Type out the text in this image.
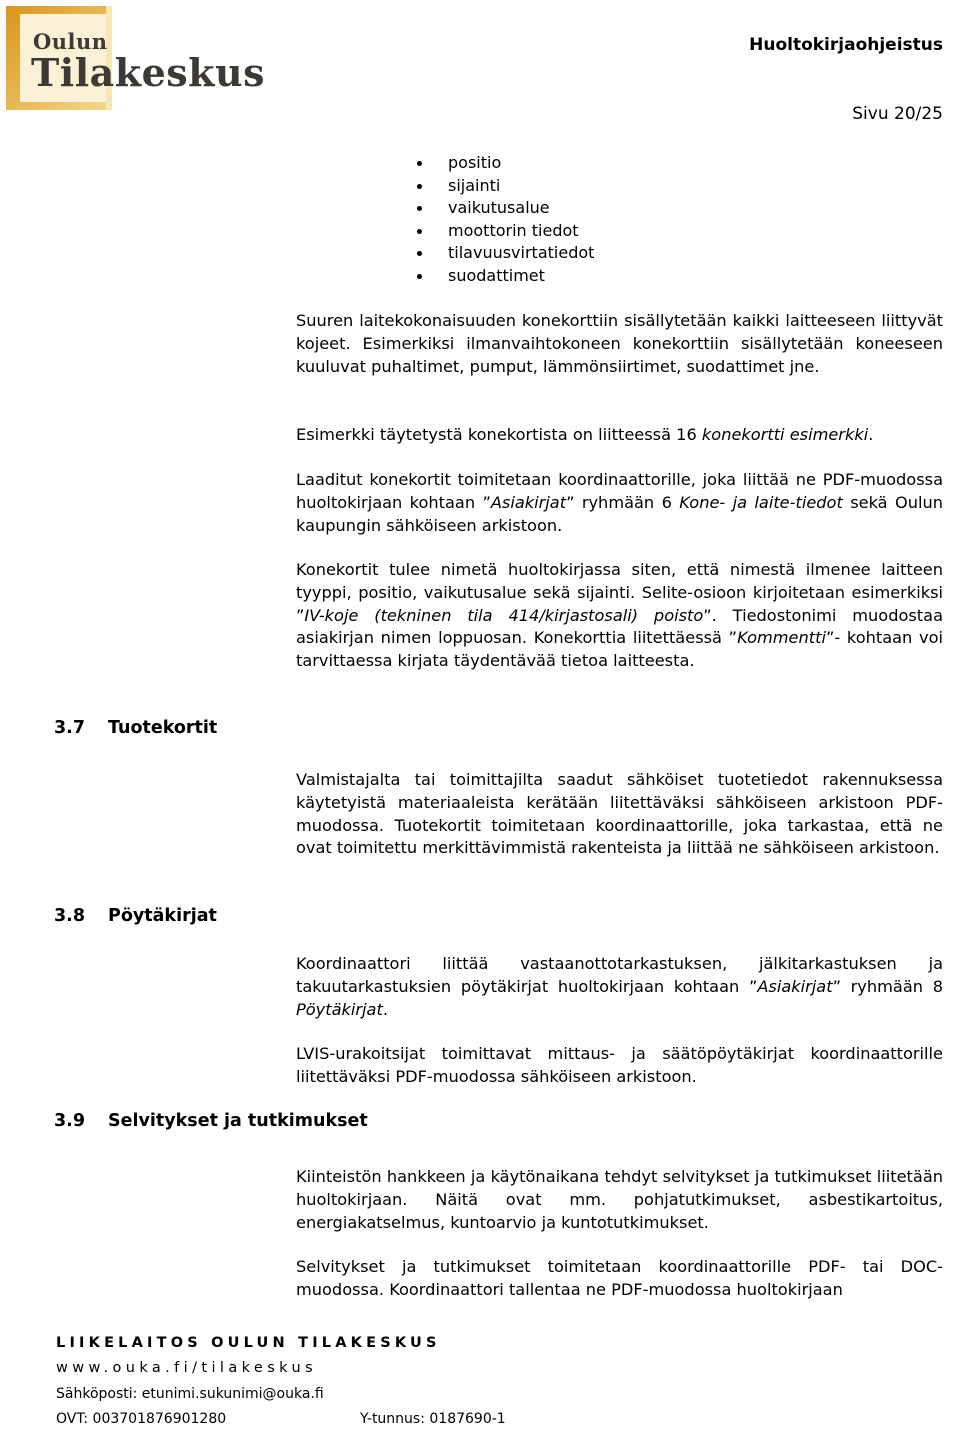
Oulun
Tilakeskus
Huoltokirjaohjeistus
Sivu 20/25
positio
sijainti
vaikutusalue
moottorin tiedot
tilavuusvirtatiedot
suodattimet

Suuren laitekokonaisuuden konekorttiin sisällytetään kaikki laitteeseen liittyvät kojeet. Esimerkiksi ilmanvaihtokoneen konekorttiin sisällytetään koneeseen kuuluvat puhaltimet, pumput, lämmönsiirtimet, suodattimet jne.

Esimerkki täytetystä konekortista on liitteessä 16 konekortti esimerkki.

Laaditut konekortit toimitetaan koordinaattorille, joka liittää ne PDF-muodossa huoltokirjaan kohtaan ”Asiakirjat” ryhmään 6 Kone- ja laite-tiedot sekä Oulun kaupungin sähköiseen arkistoon.

Konekortit tulee nimetä huoltokirjassa siten, että nimestä ilmenee laitteen tyyppi, positio, vaikutusalue sekä sijainti. Selite-osioon kirjoitetaan esimerkiksi ”IV-koje (tekninen tila 414/kirjastosali) poisto”. Tiedostonimi muodostaa asiakirjan nimen loppuosan. Konekorttia liitettäessä ”Kommentti”- kohtaan voi tarvittaessa kirjata täydentävää tietoa laitteesta.

3.7 Tuotekortit

Valmistajalta tai toimittajilta saadut sähköiset tuotetiedot rakennuksessa käytetyistä materiaaleista kerätään liitettäväksi sähköiseen arkistoon PDF-muodossa. Tuotekortit toimitetaan koordinaattorille, joka tarkastaa, että ne ovat toimitettu merkittävimmistä rakenteista ja liittää ne sähköiseen arkistoon.

3.8 Pöytäkirjat

Koordinaattori liittää vastaanottotarkastuksen, jälkitarkastuksen ja takuutarkastuksien pöytäkirjat huoltokirjaan kohtaan ”Asiakirjat” ryhmään 8 Pöytäkirjat.

LVIS-urakoitsijat toimittavat mittaus- ja säätöpöytäkirjat koordinaattorille liitettäväksi PDF-muodossa sähköiseen arkistoon.

3.9 Selvitykset ja tutkimukset

Kiinteistön hankkeen ja käytönaikana tehdyt selvitykset ja tutkimukset liitetään huoltokirjaan. Näitä ovat mm. pohjatutkimukset, asbestikartoitus, energiakatselmus, kuntoarvio ja kuntotutkimukset.

Selvitykset ja tutkimukset toimitetaan koordinaattorille PDF- tai DOC-muodossa. Koordinaattori tallentaa ne PDF-muodossa huoltokirjaan

LIIKELAITOS OULUN TILAKESKUS
www.ouka.fi/tilakeskus
Sähköposti: etunimi.sukunimi@ouka.fi
OVT: 003701876901280	Y-tunnus: 0187690-1
